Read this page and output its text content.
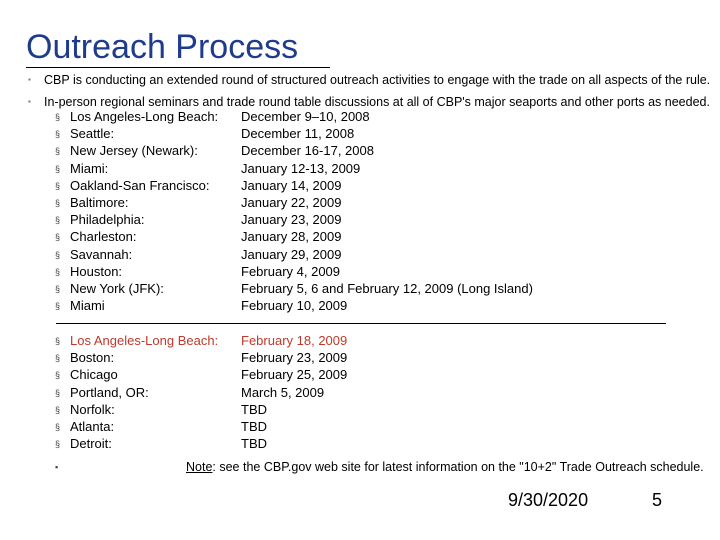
Outreach Process
▪ CBP is conducting an extended round of structured outreach activities to engage with the trade on all aspects of the rule.
▪ In-person regional seminars and trade round table discussions at all of CBP's major seaports and other ports as needed.
§ Los Angeles-Long Beach: December 9–10, 2008
§ Seattle:	December 11, 2008
§ New Jersey (Newark):	December 16-17, 2008
§ Miami:	January 12-13, 2009
§ Oakland-San Francisco: January 14, 2009
§ Baltimore:	January 22, 2009
§ Philadelphia:	January 23, 2009
§ Charleston:	January 28, 2009
§ Savannah:	January 29, 2009
§ Houston:	February 4, 2009
§ New York (JFK):	February 5, 6 and February 12, 2009 (Long Island)
§ Miami	February 10, 2009
§ Los Angeles-Long Beach: February 18, 2009
§ Boston:	February 23, 2009
§ Chicago	February 25, 2009
§ Portland, OR:	March 5, 2009
§ Norfolk:	TBD
§ Atlanta:	TBD
§ Detroit:	TBD
▪	Note: see the CBP.gov web site for latest information on the "10+2" Trade Outreach schedule.
9/30/2020	5
